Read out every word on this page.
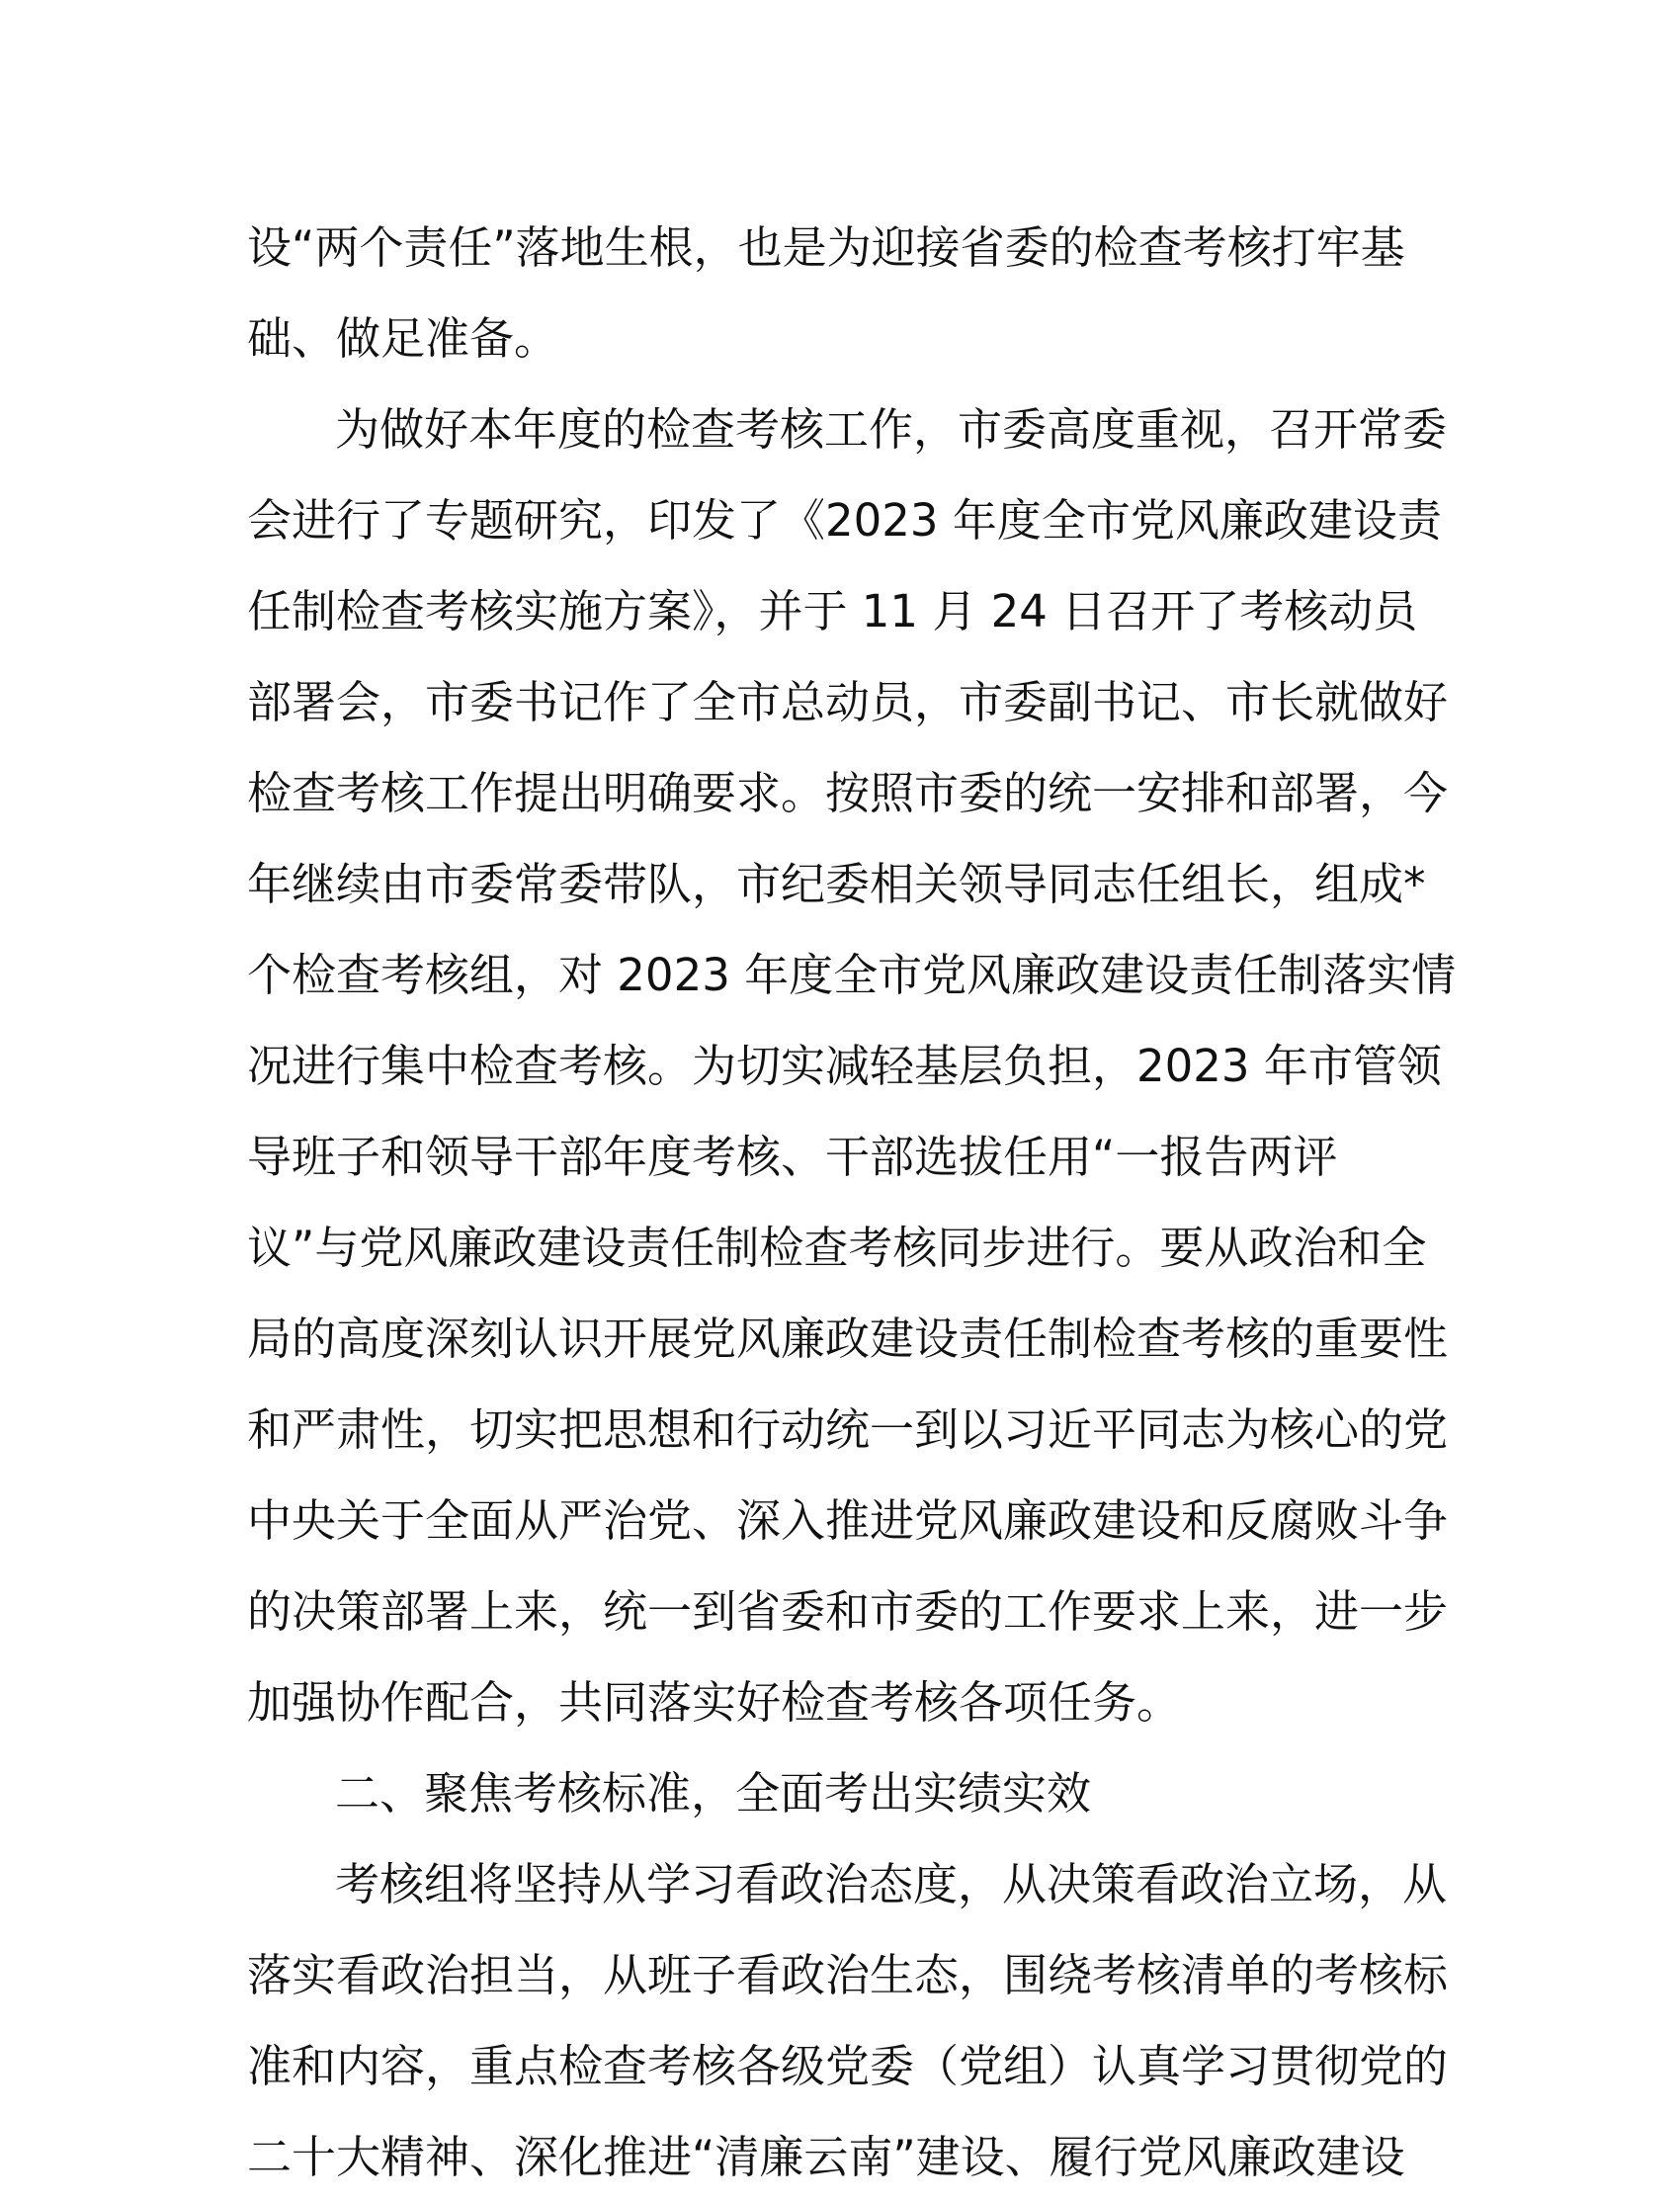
设“两个责任”落地生根，也是为迎接省委的检查考核打牢基
础、做足准备。
为做好本年度的检查考核工作，市委高度重视，召开常委
会进行了专题研究，印发了《2023 年度全市党风廉政建设责
任制检查考核实施方案》，并于 11 月 24 日召开了考核动员
部署会，市委书记作了全市总动员，市委副书记、市长就做好
检查考核工作提出明确要求。按照市委的统一安排和部署，今
年继续由市委常委带队，市纪委相关领导同志任组长，组成*
个检查考核组，对 2023 年度全市党风廉政建设责任制落实情
况进行集中检查考核。为切实减轻基层负担，2023 年市管领
导班子和领导干部年度考核、干部选拔任用“一报告两评
议”与党风廉政建设责任制检查考核同步进行。要从政治和全
局的高度深刻认识开展党风廉政建设责任制检查考核的重要性
和严肃性，切实把思想和行动统一到以习近平同志为核心的党
中央关于全面从严治党、深入推进党风廉政建设和反腐败斗争
的决策部署上来，统一到省委和市委的工作要求上来，进一步
加强协作配合，共同落实好检查考核各项任务。
二、聚焦考核标准，全面考出实绩实效
考核组将坚持从学习看政治态度，从决策看政治立场，从
落实看政治担当，从班子看政治生态，围绕考核清单的考核标
准和内容，重点检查考核各级党委（党组）认真学习贯彻党的
二十大精神、深化推进“清廉云南”建设、履行党风廉政建设
